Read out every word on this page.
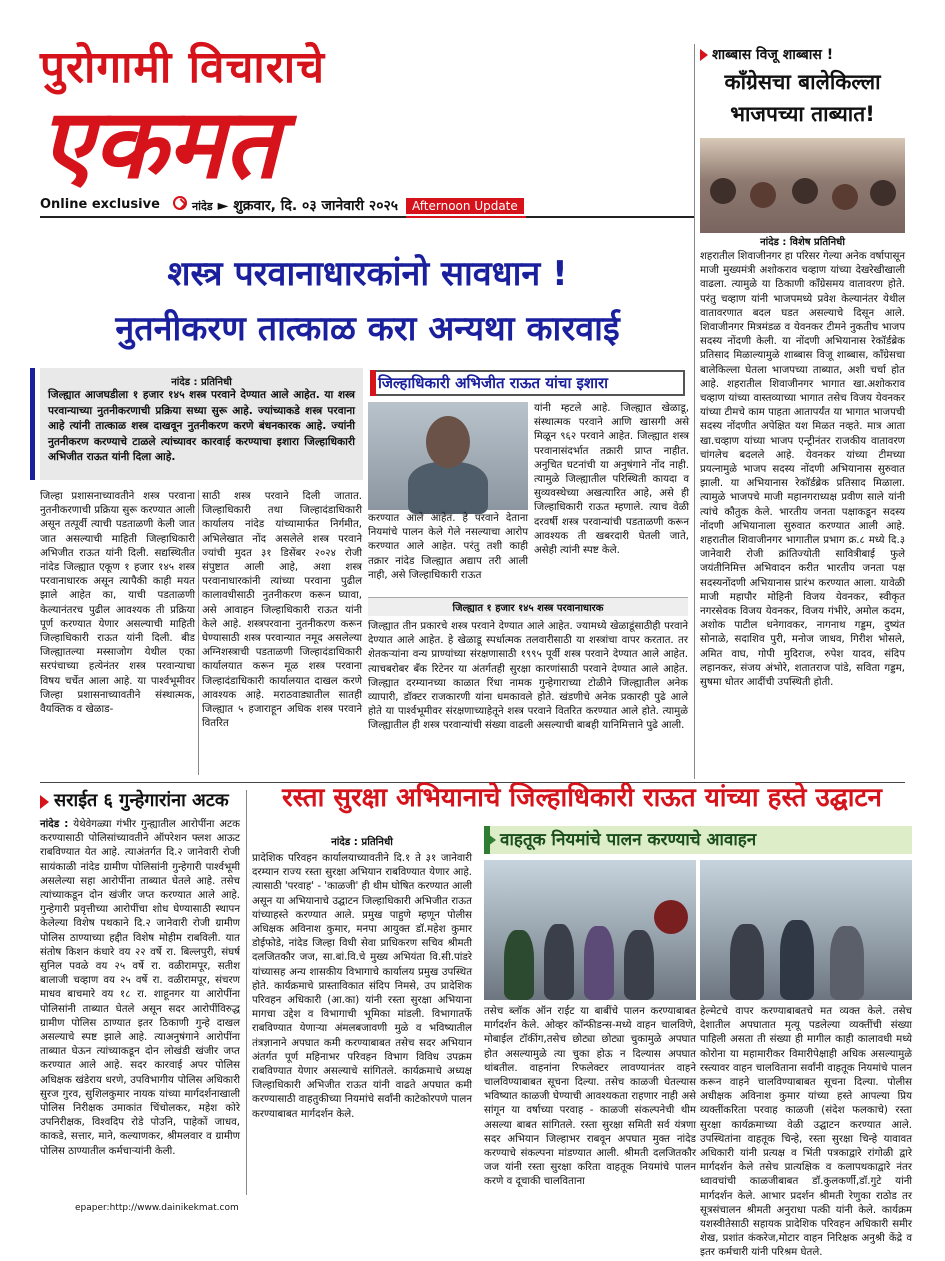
पुरोगामी विचाराचे
एकमत
Online exclusive	नांदेड ► शुक्रवार, दि. ०३ जानेवारी २०२५	Afternoon Update
शस्त्र परवानाधारकांनो सावधान !
नुतनीकरण तात्काळ करा अन्यथा कारवाई
नांदेड : प्रतिनिधी

जिल्ह्यात आजघडीला १ हजार १४५ शस्त्र परवाने देण्यात आले आहेत. या शस्त्र परवान्याच्या नुतनीकरणाची प्रक्रिया सध्या सुरू आहे. ज्यांच्याकडे शस्त्र परवाना आहे त्यांनी तात्काळ शस्त्र दाखवून नुतनीकरण करणे बंधनकारक आहे. ज्यांनी नुतनीकरण करण्याचे टाळले त्यांच्यावर कारवाई करण्याचा इशारा जिल्हाधिकारी अभिजीत राऊत यांनी दिला आहे.

जिल्हाधिकारी अभिजीत राऊत यांचा इशारा
जिल्हा प्रशासनाच्यावतीने शस्त्र परवाना नुतनीकरणाची प्रक्रिया सुरू करण्यात आली असून तत्पूर्वी त्याची पडताळणी केली जात जात असल्याची माहिती जिल्हाधिकारी अभिजीत राऊत यांनी दिली. सद्यस्थितीत नांदेड जिल्ह्यात एकूण १ हजार १४५ शस्त्र परवानाधारक असून त्यापैकी काही मयत झाले आहेत का, याची पडताळणी केल्यानंतरच पुढील आवश्यक ती प्रक्रिया पूर्ण करण्यात येणार असल्याची माहिती जिल्हाधिकारी राऊत यांनी दिली. बीड जिल्ह्यातल्या मस्साजोग येथील एका सरपंचाच्या हत्येनंतर शस्त्र परवान्याचा विषय चर्चेत आला आहे. या पार्श्वभूमीवर जिल्हा प्रशासनाच्यावतीने संस्थात्मक, वैयक्तिक व खेळाड-
साठी शस्त्र परवाने दिली जातात. जिल्हाधिकारी तथा जिल्हादंडाधिकारी कार्यालय नांदेड यांच्यामार्फत निर्गमीत, अभिलेखात नोंद असलेले शस्त्र परवाने ज्यांची मुदत ३१ डिसेंबर २०२४ रोजी संपुष्टात आली आहे, अशा शस्त्र परवानाधारकांनी त्यांच्या परवाना पुढील कालावधीसाठी नुतनीकरण करून घ्यावा, असे आवाहन जिल्हाधिकारी राऊत यांनी केले आहे. शस्त्रपरवाना नुतनीकरण करून घेण्यासाठी शस्त्र परवान्यात नमूद असलेल्या अग्निशस्त्राची पडताळणी जिल्हादंडाधिकारी कार्यालयात करून मूळ शस्त्र परवाना जिल्हादंडाधिकारी कार्यालयात दाखल करणे आवश्यक आहे. मराठवाड्यातील सातही जिल्ह्यात ५ हजाराहून अधिक शस्त्र परवाने वितरित
करण्यात आले आहेत. हे परवाने देताना नियमांचे पालन केले गेले नसल्याचा आरोप करण्यात आले आहेत. परंतु तशी काही तक्रार नांदेड जिल्ह्यात अद्याप तरी आली नाही, असे जिल्हाधिकारी राऊत
यांनी म्हटले आहे. जिल्ह्यात खेळाडू, संस्थात्मक परवाने आणि खासगी असे मिळून ९६२ परवाने आहेत. जिल्ह्यात शस्त्र परवानासंदर्भात तक्रारी प्राप्त नाहीत. अनुचित घटनांची या अनुषंगाने नोंद नाही. त्यामुळे जिल्ह्यातील परिस्थिती कायदा व सुव्यवस्थेच्या अखत्यारित आहे, असे ही जिल्हाधिकारी राऊत म्हणाले. त्याच वेळी दरवर्षी शस्त्र परवान्यांची पडताळणी करून आवश्यक ती खबरदारी घेतली जाते, असेही त्यांनी स्पष्ट केले.
जिल्ह्यात १ हजार १४५ शस्त्र परवानाधारक
जिल्ह्यात तीन प्रकारचे शस्त्र परवाने देण्यात आले आहेत. ज्यामध्ये खेळाडूंसाठीही परवाने देण्यात आले आहेत. हे खेळाडू स्पर्धात्मक तलवारीसाठी या शस्त्रांचा वापर करतात. तर शेतकऱ्यांना वन्य प्राण्यांच्या संरक्षणासाठी १९९५ पूर्वी शस्त्र परवाने देण्यात आले आहेत. त्याचबरोबर बँक रिटेनर या अंतर्गतही सुरक्षा कारणांसाठी परवाने देण्यात आले आहेत. जिल्ह्यात दरम्यानच्या काळात रिंधा नामक गुन्हेगाराच्या टोळीने जिल्ह्यातील अनेक व्यापारी, डॉक्टर राजकारणी यांना धमकावले होते. खंडणीचे अनेक प्रकारही पुढे आले होते या पार्श्वभूमीवर संरक्षणाच्याहेतूने शस्त्र परवाने वितरित करण्यात आले होते. त्यामुळे जिल्ह्यातील ही शस्त्र परवान्यांची संख्या वाढली असल्याची बाबही यानिमित्ताने पुढे आली.
शाब्बास विजू शाब्बास !
काँग्रेसचा बालेकिल्ला
भाजपच्या ताब्यात!
नांदेड : विशेष प्रतिनिधी
शहरातील शिवाजीनगर हा परिसर गेल्या अनेक वर्षापासून माजी मुख्यमंत्री अशोकराव चव्हाण यांच्या देखरेखीखाली वाढला. त्यामुळे या ठिकाणी काँग्रेसमय वातावरण होते. परंतु चव्हाण यांनी भाजपमध्ये प्रवेश केल्यानंतर येथील वातावरणात बदल घडत असल्याचे दिसून आले. शिवाजीनगर मित्रमंडळ व येवनकर टीमने नुकतीच भाजप सदस्य नोंदणी केली. या नोंदणी अभियानास रेकॉर्डब्रेक प्रतिसाद मिळाल्यामुळे शाब्बास विजू शाब्बास, काँग्रेसचा बालेकिल्ला घेतला भाजपच्या ताब्यात, अशी चर्चा होत आहे. शहरातील शिवाजीनगर भागात खा.अशोकराव चव्हाण यांच्या वास्तव्याच्या भागात तसेच विजय येवनकर यांच्या टीमचे काम पाहता आतापर्यंत या भागात भाजपची सदस्य नोंदणीत अपेक्षित यश मिळत नव्हते. मात्र आता खा.चव्हाण यांच्या भाजप एन्ट्रीनंतर राजकीय वातावरण चांगलेच बदलले आहे. येवनकर यांच्या टीमच्या प्रयत्नामुळे भाजप सदस्य नोंदणी अभियानास सुरुवात झाली. या अभियानास रेकॉर्डब्रेक प्रतिसाद मिळाला. त्यामुळे भाजपचे माजी महानगराध्यक्ष प्रवीण साले यांनी त्यांचे कौतुक केले. भारतीय जनता पक्षाकडून सदस्य नोंदणी अभियानाला सुरुवात करण्यात आली आहे. शहरातील शिवाजीनगर भागातील प्रभाग क्र.८ मध्ये दि.३ जानेवारी रोजी क्रांतिज्योती सावित्रीबाई फुले जयंतीनिमित्त अभिवादन करीत भारतीय जनता पक्ष सदस्यनोंदणी अभियानास प्रारंभ करण्यात आला. यावेळी माजी महापौर मोहिनी विजय येवनकर, स्वीकृत नगरसेवक विजय येवनकर, विजय गंभीरे, अमोल कदम, अशोक पाटील धनेगावकर, नागनाथ गड्डम, दुष्यंत सोनाळे, सदाशिव पुरी, मनोज जाधव, गिरीश भोसले, अमित वाघ, गोपी मुदिराज, रुपेश यादव, संदिप लहानकर, संजय अंभोरे, शतातराज पांडे, सविता गड्डम, सुषमा धोतर आदींची उपस्थिती होती.
सराईत ६ गुन्हेगारांना अटक
नांदेड : येथेवेगळ्या गंभीर गुन्ह्यातील आरोपींना अटक करण्यासाठी पोलिसांच्यावतीने ऑपरेशन फ्लश आऊट राबविण्यात येत आहे. त्याअंतर्गत दि.२ जानेवारी रोजी सायंकाळी नांदेड ग्रामीण पोलिसांनी गुन्हेगारी पार्श्वभूमी असलेल्या सहा आरोपींना ताब्यात घेतले आहे. तसेच त्यांच्याकडून दोन खंजीर जप्त करण्यात आले आहे. गुन्हेगारी प्रवृत्तीच्या आरोपींचा शोध घेण्यासाठी स्थापन केलेल्या विशेष पथकाने दि.२ जानेवारी रोजी ग्रामीण पोलिस ठाण्याच्या हद्दीत विशेष मोहीम राबविली. यात संतोष किशन कंधारे वय २२ वर्षे रा. बिल्लपुरी, संघर्ष सुनिल पवळे वय २५ वर्षे रा. वळीरामपूर, सतीश बालाजी चव्हाण वय २५ वर्षे रा. वळीरामपूर, संचरण माधव बाचमारे वय १८ रा. शाहूनगर या आरोपींना पोलिसांनी ताब्यात घेतले असून सदर आरोपींविरुद्ध ग्रामीण पोलिस ठाण्यात इतर ठिकाणी गुन्हे दाखल असल्याचे स्पष्ट झाले आहे. त्याअनुषंगाने आरोपींना ताब्यात घेऊन त्यांच्याकडून दोन लोखंडी खंजीर जप्त करण्यात आले आहे. सदर कारवाई अपर पोलिस अधिक्षक खंडेराय धरणे, उपविभागीय पोलिस अधिकारी सुरज गुरव, सुशिलकुमार नायक यांच्या मार्गदर्शनाखाली पोलिस निरीक्षक उमाकांत चिंचोलकर, महेश कोरे उपनिरीक्षक, विश्वदिप रोडे पोउनि, पाहेकों जाधव, काकडे, सत्तार, माने, कल्याणकर, श्रीमलवार व ग्रामीण पोलिस ठाण्यातील कर्मचाऱ्यांनी केली.
रस्ता सुरक्षा अभियानाचे जिल्हाधिकारी राऊत यांच्या हस्ते उद्घाटन
वाहतूक नियमांचे पालन करण्याचे आवाहन
नांदेड : प्रतिनिधी
प्रादेशिक परिवहन कार्यालयाच्यावतीने दि.१ ते ३१ जानेवारी दरम्यान राज्य रस्ता सुरक्षा अभियान राबविण्यात येणार आहे. त्यासाठी 'परवाह' - 'काळजी' ही थीम घोषित करण्यात आली असून या अभियानाचे उद्घाटन जिल्हाधिकारी अभिजीत राऊत यांच्याहस्ते करण्यात आले. प्रमुख पाहुणे म्हणून पोलीस अधिक्षक अविनाश कुमार, मनपा आयुक्त डॉ.महेश कुमार डोईफोडे, नांदेड जिल्हा विधी सेवा प्राधिकरण सचिव श्रीमती दलजितकौर जज, सा.बां.वि.चे मुख्य अभियंता वि.सी.पांडरे यांच्यासह अन्य शासकीय विभागाचे कार्यालय प्रमुख उपस्थित होते. कार्यक्रमाचे प्रास्ताविकात संदिप निमसे, उप प्रादेशिक परिवहन अधिकारी (आ.का) यांनी रस्ता सुरक्षा अभियाना मागचा उद्देश व विभागाची भूमिका मांडली. विभागातर्फे राबविण्यात येणाऱ्या अंमलबजावणी मुळे व भविष्यातील तंत्रज्ञानाने अपघात कमी करण्याबाबत तसेच सदर अभियान अंतर्गत पूर्ण महिनाभर परिवहन विभाग विविध उपक्रम राबविण्यात येणार असल्याचे सांगितले. कार्यक्रमाचे अध्यक्ष जिल्हाधिकारी अभिजीत राऊत यांनी वाढते अपघात कमी करण्यासाठी वाहतुकीच्या नियमांचे सर्वांनी काटेकोरपणे पालन करण्याबाबत मार्गदर्शन केले.
तसेच ब्लॉक ऑन राईट या बाबींचे पालन करण्याबाबत मार्गदर्शन केले. ओव्हर कॉन्फीडन्स-मध्ये वाहन चालविणे, मोबाईल टॉकींग,तसेच छोट्या छोट्या चुकामुळे अपघात होत असल्यामुळे त्या चुका होऊ न दिल्यास अपघात थांबतील. वाहनांना रिफलेक्टर लावण्यानंतर वाहने चालविण्याबाबत सूचना दिल्या. तसेच काळजी घेतल्यास भविष्यात काळजी घेण्याची आवश्यकता राहणार नाही असे सांगून या वर्षाच्या परवाह - काळजी संकल्पनेची थीम असल्या बाबत सांगितले. रस्ता सुरक्षा समिती सर्व यंत्रणा सदर अभियान जिल्हाभर राबवून अपघात मुक्त नांदेड करण्याचे संकल्पना मांडण्यात आली. श्रीमती दलजितकौर जज यांनी रस्ता सुरक्षा करिता वाहतूक नियमांचे पालन करणे व दूचाकी चालविताना
हेल्मेटचे वापर करण्याबाबतचे मत व्यक्त केले. तसेच देशातील अपघातात मृत्यू पडलेल्या व्यक्तींची संख्या पाहिली असता ती संख्या ही मागील काही कालावधी मध्ये कोरोना या महामारीकर विमारीपेक्षाही अधिक असल्यामुळे रस्त्यावर वाहन चालविताना सर्वांनी वाहतूक नियमांचे पालन करून वाहने चालविण्याबाबत सूचना दिल्या. पोलीस अधीक्षक अविनाश कुमार यांच्या हस्ते आपल्या प्रिय व्यक्तींकरिता परवाह काळजी (संदेश फलकाचे) रस्ता सुरक्षा कार्यक्रमाच्या वेळी उद्घाटन करण्यात आले. उपस्थितांना वाहतूक चिन्हे, रस्ता सुरक्षा चिन्हे यावावत अधिकारी यांनी प्रत्यक्ष व भिंती पत्रकाद्वारे रांगोळी द्वारे मार्गदर्शन केले तसेच प्रात्यक्षिक व कलापथकाद्वारे नंतर ध्वावचांची काळजीबाबत डॉ.कुलकर्णी,डॉ.गुटे यांनी मार्गदर्शन केले. आभार प्रदर्शन श्रीमती रेणुका राठोड तर सूत्रसंचालन श्रीमती अनुराधा पत्की यांनी केले. कार्यक्रम यशस्वीतेसाठी सहायक प्रादेशिक परिवहन अधिकारी समीर शेख, प्रशांत कंकरेज,मोटार वाहन निरिक्षक अनुश्री केंद्रे व इतर कर्मचारी यांनी परिश्रम घेतले.
epaper:http://www.dainikekmat.com
